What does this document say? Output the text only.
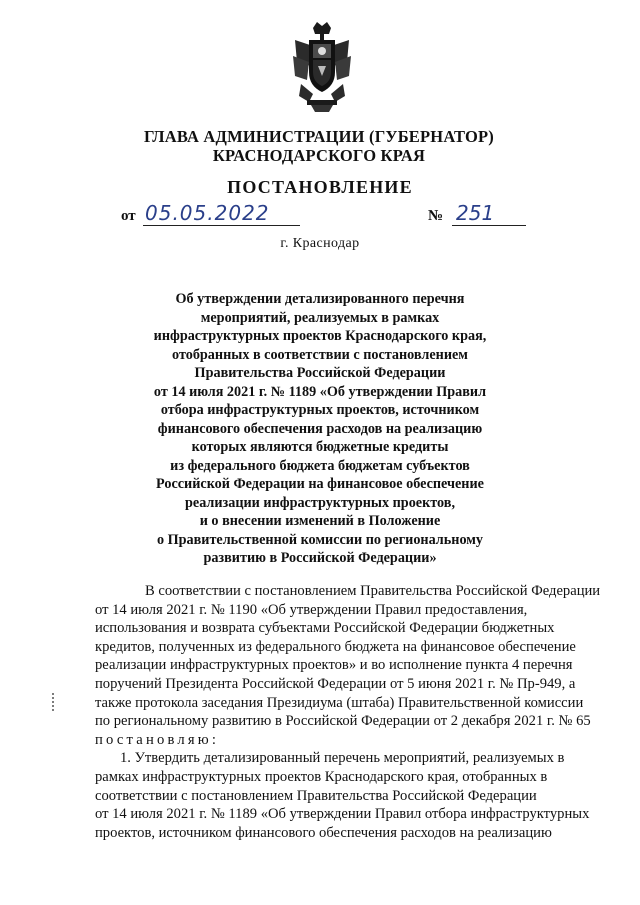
ГЛАВА АДМИНИСТРАЦИИ (ГУБЕРНАТОР)
КРАСНОДАРСКОГО КРАЯ
ПОСТАНОВЛЕНИЕ
от 05.05.2022	№ 251
г. Краснодар
Об утверждении детализированного перечня
мероприятий, реализуемых в рамках
инфраструктурных проектов Краснодарского края,
отобранных в соответствии с постановлением
Правительства Российской Федерации
от 14 июля 2021 г. № 1189 «Об утверждении Правил
отбора инфраструктурных проектов, источником
финансового обеспечения расходов на реализацию
которых являются бюджетные кредиты
из федерального бюджета бюджетам субъектов
Российской Федерации на финансовое обеспечение
реализации инфраструктурных проектов,
и о внесении изменений в Положение
о Правительственной комиссии по региональному
развитию в Российской Федерации»
В соответствии с постановлением Правительства Российской Федерации
от 14 июля 2021 г. № 1190 «Об утверждении Правил предоставления,
использования и возврата субъектами Российской Федерации бюджетных
кредитов, полученных из федерального бюджета на финансовое обеспечение
реализации инфраструктурных проектов» и во исполнение пункта 4 перечня
поручений Президента Российской Федерации от 5 июня 2021 г. № Пр-949, а
также протокола заседания Президиума (штаба) Правительственной комиссии
по региональному развитию в Российской Федерации от 2 декабря 2021 г. № 65
постановляю:
1. Утвердить детализированный перечень мероприятий, реализуемых в
рамках инфраструктурных проектов Краснодарского края, отобранных в
соответствии с постановлением Правительства Российской Федерации
от 14 июля 2021 г. № 1189 «Об утверждении Правил отбора инфраструктурных
проектов, источником финансового обеспечения расходов на реализацию
